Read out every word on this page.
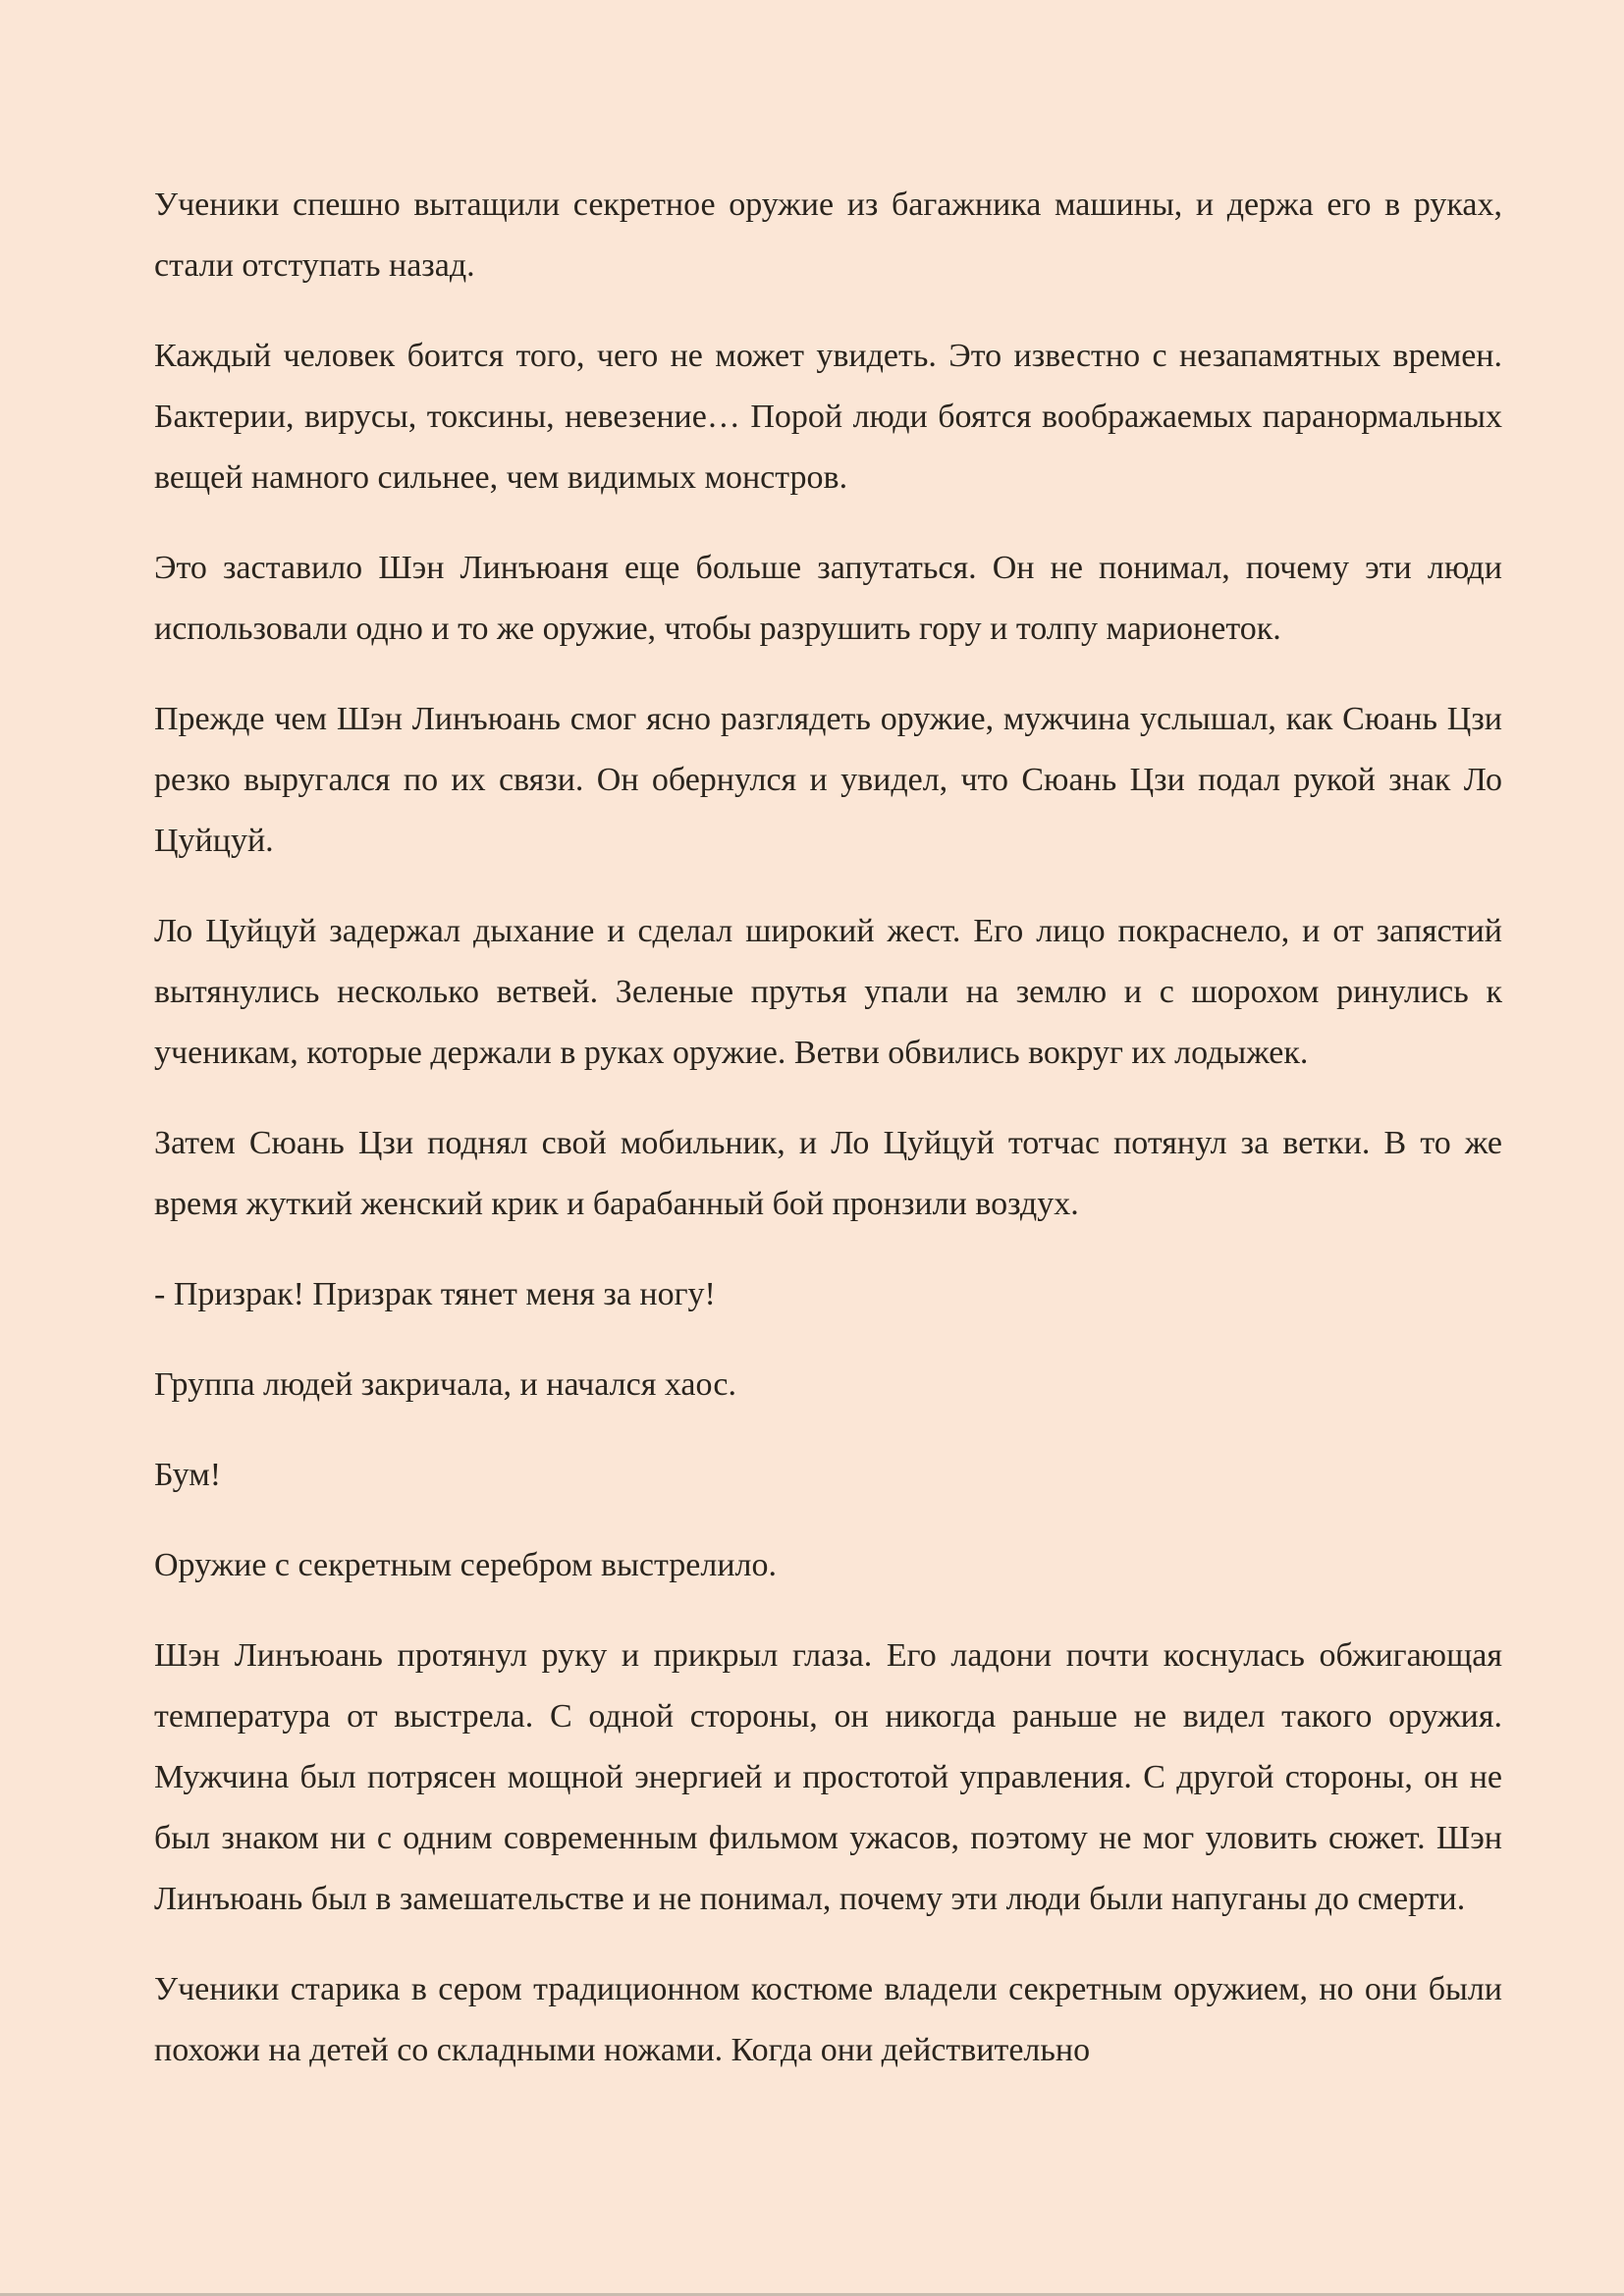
Ученики спешно вытащили секретное оружие из багажника машины, и держа его в руках, стали отступать назад.

Каждый человек боится того, чего не может увидеть. Это известно с незапамятных времен. Бактерии, вирусы, токсины, невезение… Порой люди боятся воображаемых паранормальных вещей намного сильнее, чем видимых монстров.

Это заставило Шэн Линъюаня еще больше запутаться. Он не понимал, почему эти люди использовали одно и то же оружие, чтобы разрушить гору и толпу марионеток.

Прежде чем Шэн Линъюань смог ясно разглядеть оружие, мужчина услышал, как Сюань Цзи резко выругался по их связи. Он обернулся и увидел, что Сюань Цзи подал рукой знак Ло Цуйцуй.

Ло Цуйцуй задержал дыхание и сделал широкий жест. Его лицо покраснело, и от запястий вытянулись несколько ветвей. Зеленые прутья упали на землю и с шорохом ринулись к ученикам, которые держали в руках оружие. Ветви обвились вокруг их лодыжек.

Затем Сюань Цзи поднял свой мобильник, и Ло Цуйцуй тотчас потянул за ветки. В то же время жуткий женский крик и барабанный бой пронзили воздух.

- Призрак! Призрак тянет меня за ногу!

Группа людей закричала, и начался хаос.

Бум!

Оружие с секретным серебром выстрелило.

Шэн Линъюань протянул руку и прикрыл глаза. Его ладони почти коснулась обжигающая температура от выстрела. С одной стороны, он никогда раньше не видел такого оружия. Мужчина был потрясен мощной энергией и простотой управления. С другой стороны, он не был знаком ни с одним современным фильмом ужасов, поэтому не мог уловить сюжет. Шэн Линъюань был в замешательстве и не понимал, почему эти люди были напуганы до смерти.

Ученики старика в сером традиционном костюме владели секретным оружием, но они были похожи на детей со складными ножами. Когда они действительно
